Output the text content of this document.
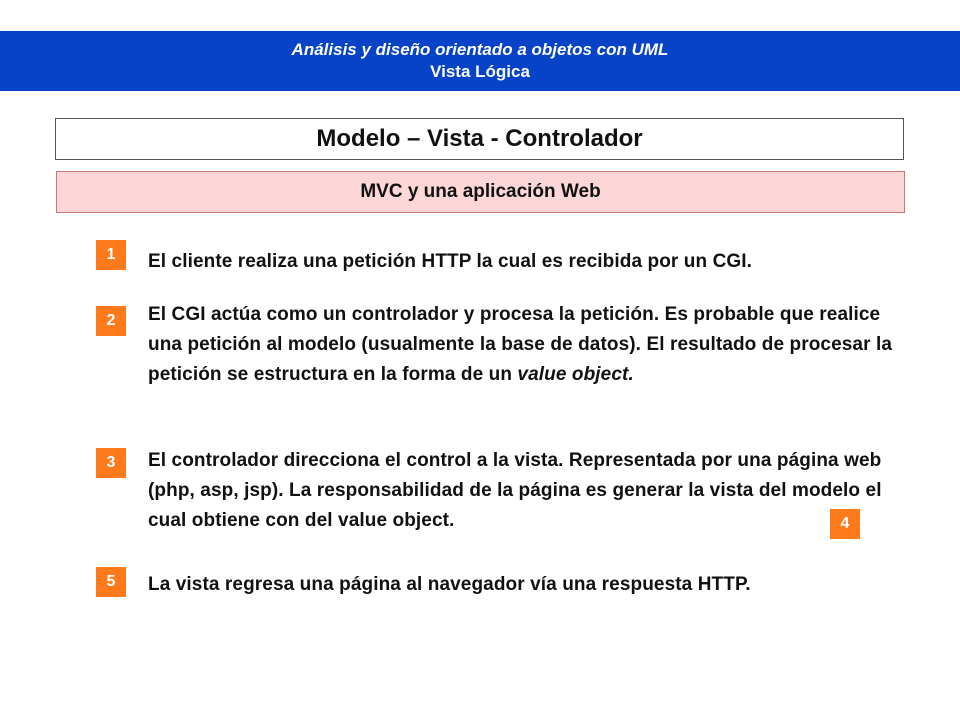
Análisis y diseño orientado a objetos con UML
Vista Lógica
Modelo – Vista - Controlador
MVC y una aplicación Web
1	El cliente realiza una petición HTTP la cual es recibida por un CGI.
2	El CGI actúa como un controlador y procesa la petición. Es probable que realice una petición al modelo (usualmente la base de datos). El resultado de procesar la petición se estructura en la forma de un value object.
3	El controlador direcciona el control a la vista. Representada por una página web (php, asp, jsp). La responsabilidad de la página es generar la vista del modelo el cual obtiene con del value object.	4
5	La vista regresa una página al navegador vía una respuesta HTTP.
